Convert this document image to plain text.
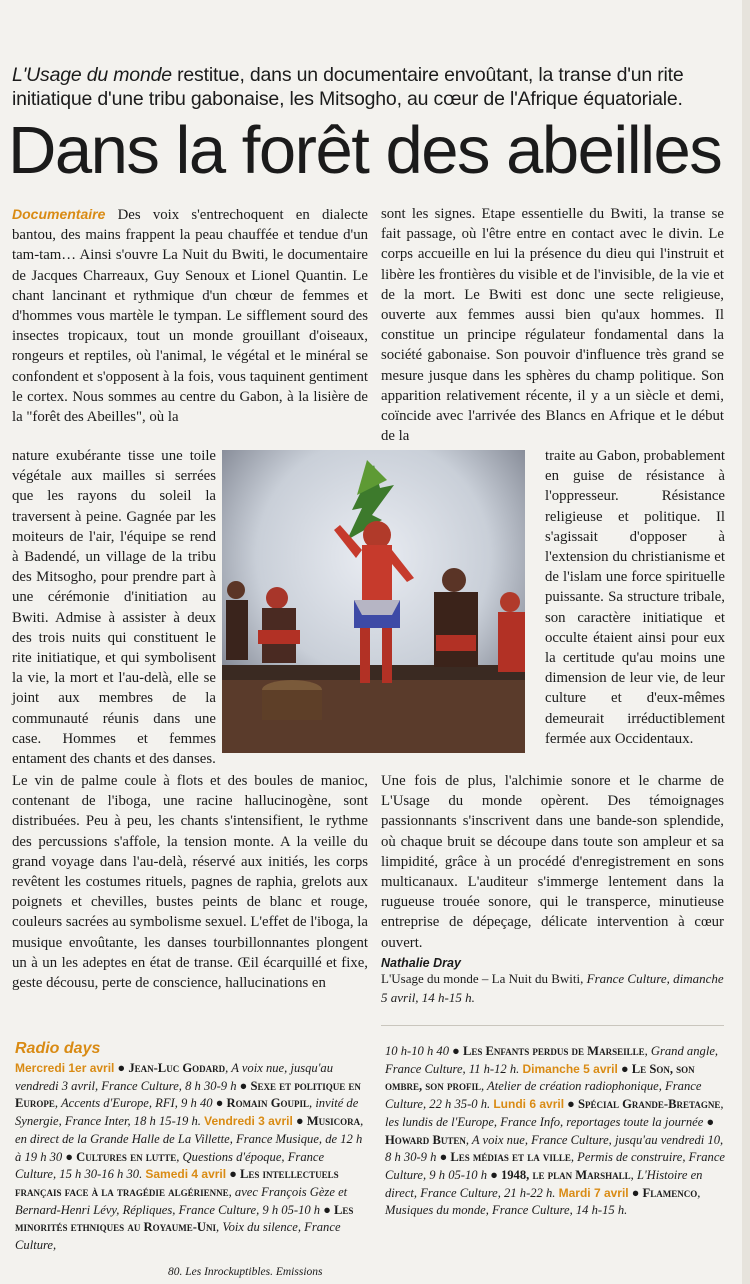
L'Usage du monde restitue, dans un documentaire envoûtant, la transe d'un rite initiatique d'une tribu gabonaise, les Mitsogho, au cœur de l'Afrique équatoriale.
Dans la forêt des abeilles
Documentaire Des voix s'entrechoquent en dialecte bantou, des mains frappent la peau chauffée et tendue d'un tam-tam… Ainsi s'ouvre La Nuit du Bwiti, le documentaire de Jacques Charreaux, Guy Senoux et Lionel Quantin. Le chant lancinant et rythmique d'un chœur de femmes et d'hommes vous martèle le tympan. Le sifflement sourd des insectes tropicaux, tout un monde grouillant d'oiseaux, rongeurs et reptiles, où l'animal, le végétal et le minéral se confondent et s'opposent à la fois, vous taquinent gentiment le cortex. Nous sommes au centre du Gabon, à la lisière de la "forêt des Abeilles", où la
nature exubérante tisse une toile végétale aux mailles si serrées que les rayons du soleil la traversent à peine. Gagnée par les moiteurs de l'air, l'équipe se rend à Badendé, un village de la tribu des Mitsogho, pour prendre part à une cérémonie d'initiation au Bwiti. Admise à assister à deux des trois nuits qui constituent le rite initiatique, et qui symbolisent la vie, la mort et l'au-delà, elle se joint aux membres de la communauté réunis dans une case. Hommes et femmes entament des chants et des danses.
Le vin de palme coule à flots et des boules de manioc, contenant de l'iboga, une racine hallucinogène, sont distribuées. Peu à peu, les chants s'intensifient, le rythme des percussions s'affole, la tension monte. A la veille du grand voyage dans l'au-delà, réservé aux initiés, les corps revêtent les costumes rituels, pagnes de raphia, grelots aux poignets et chevilles, bustes peints de blanc et rouge, couleurs sacrées au symbolisme sexuel. L'effet de l'iboga, la musique envoûtante, les danses tourbillonnantes plongent un à un les adeptes en état de transe. Œil écarquillé et fixe, geste décousu, perte de conscience, hallucinations en
sont les signes. Etape essentielle du Bwiti, la transe se fait passage, où l'être entre en contact avec le divin. Le corps accueille en lui la présence du dieu qui l'instruit et libère les frontières du visible et de l'invisible, de la vie et de la mort. Le Bwiti est donc une secte religieuse, ouverte aux femmes aussi bien qu'aux hommes. Il constitue un principe régulateur fondamental dans la société gabonaise. Son pouvoir d'influence très grand se mesure jusque dans les sphères du champ politique. Son apparition relativement récente, il y a un siècle et demi, coïncide avec l'arrivée des Blancs en Afrique et le début de la
traite au Gabon, probablement en guise de résistance à l'oppresseur. Résistance religieuse et politique. Il s'agissait d'opposer à l'extension du christianisme et de l'islam une force spirituelle puissante. Sa structure tribale, son caractère initiatique et occulte étaient ainsi pour eux la certitude qu'au moins une dimension de leur vie, de leur culture et d'eux-mêmes demeurait irréductiblement fermée aux Occidentaux.
Une fois de plus, l'alchimie sonore et le charme de L'Usage du monde opèrent. Des témoignages passionnants s'inscrivent dans une bande-son splendide, où chaque bruit se découpe dans toute son ampleur et sa limpidité, grâce à un procédé d'enregistrement en sons multicanaux. L'auditeur s'immerge lentement dans la rugueuse trouée sonore, qui le transperce, minutieuse entreprise de dépeçage, délicate intervention à cœur ouvert.
Nathalie Dray
L'Usage du monde – La Nuit du Bwiti, France Culture, dimanche 5 avril, 14 h-15 h.
Radio days
Mercredi 1er avril ● Jean-Luc Godard, A voix nue, jusqu'au vendredi 3 avril, France Culture, 8 h 30-9 h ● Sexe et politique en Europe, Accents d'Europe, RFI, 9 h 40 ● Romain Goupil, invité de Synergie, France Inter, 18 h 15-19 h. Vendredi 3 avril ● Musicora, en direct de la Grande Halle de La Villette, France Musique, de 12 h à 19 h 30 ● Cultures en lutte, Questions d'époque, France Culture, 15 h 30-16 h 30. Samedi 4 avril ● Les intellectuels français face à la tragédie algérienne, avec François Gèze et Bernard-Henri Lévy, Répliques, France Culture, 9 h 05-10 h ● Les minorités ethniques au Royaume-Uni, Voix du silence, France Culture,
10 h-10 h 40 ● Les Enfants perdus de Marseille, Grand angle, France Culture, 11 h-12 h. Dimanche 5 avril ● Le Son, son ombre, son profil, Atelier de création radiophonique, France Culture, 22 h 35-0 h. Lundi 6 avril ● Spécial Grande-Bretagne, les lundis de l'Europe, France Info, reportages toute la journée ● Howard Buten, A voix nue, France Culture, jusqu'au vendredi 10, 8 h 30-9 h ● Les médias et la ville, Permis de construire, France Culture, 9 h 05-10 h ● 1948, le plan Marshall, L'Histoire en direct, France Culture, 21 h-22 h. Mardi 7 avril ● Flamenco, Musiques du monde, France Culture, 14 h-15 h.
80. Les Inrockuptibles. Emissions
